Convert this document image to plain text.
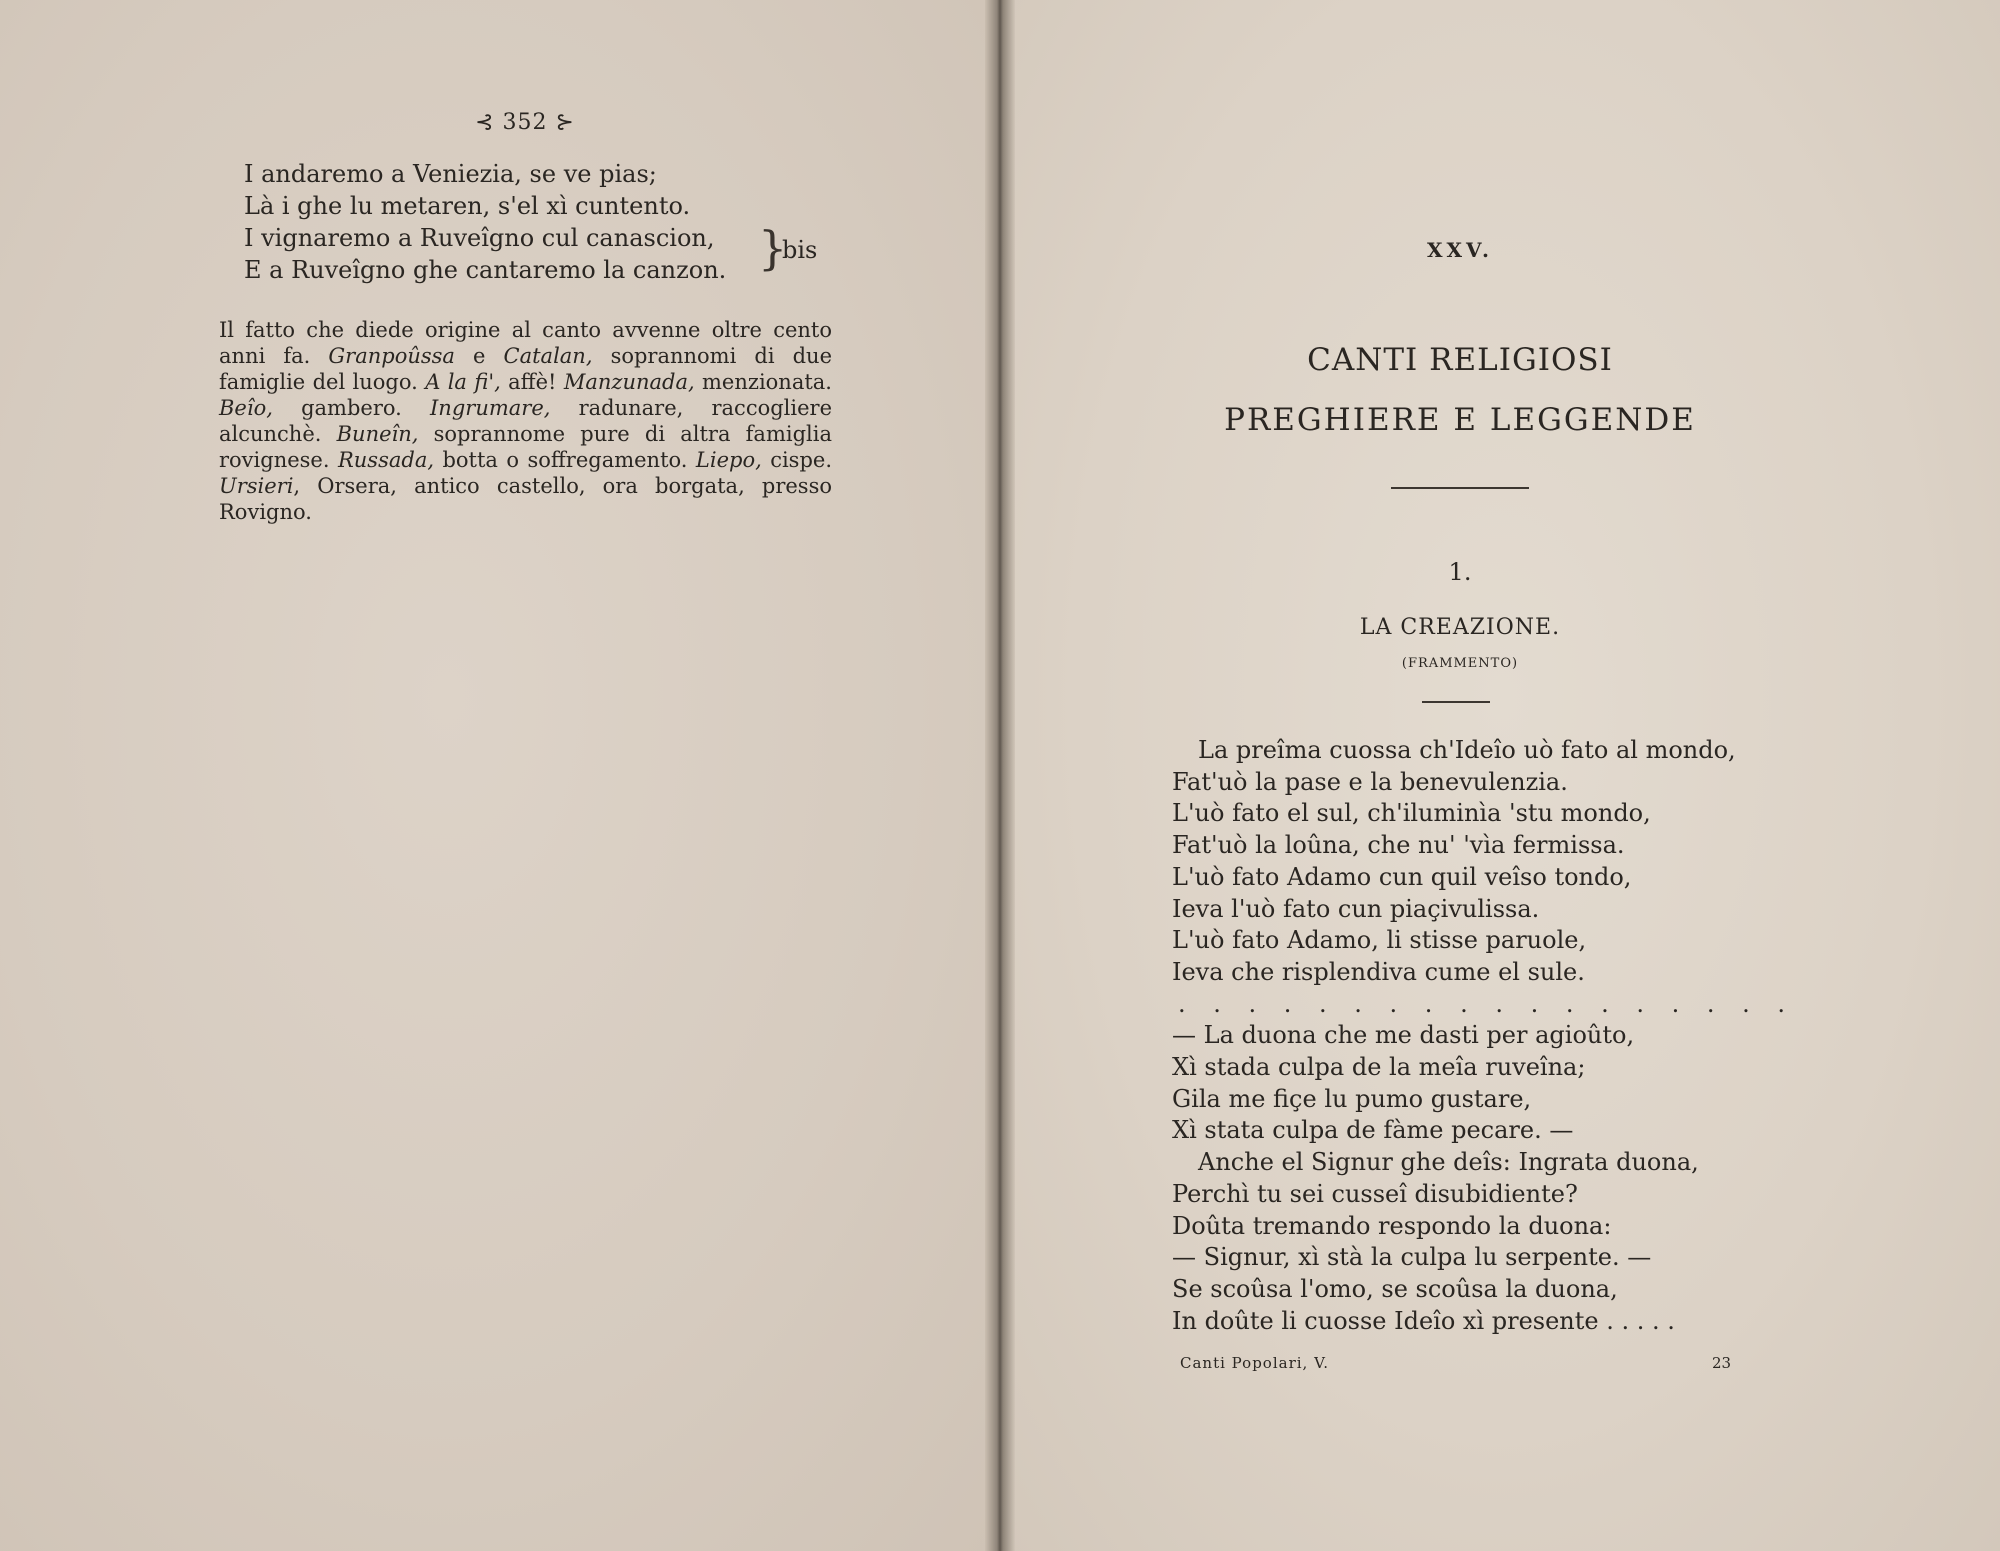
⊰ 352 ⊱
I andaremo a Veniezia, se ve pias;
Là i ghe lu metaren, s'el xì cuntento.
I vignaremo a Ruveîgno cul canascion,
E a Ruveîgno ghe cantaremo la canzon. }
bis
Il fatto che diede origine al canto avvenne oltre cento anni fa. Granpoûssa e Catalan, soprannomi di due famiglie del luogo. A la fi', affè! Manzunada, menzionata. Beîo, gambero. Ingrumare, radunare, raccogliere alcunchè. Buneîn, soprannome pure di altra famiglia rovignese. Russada, botta o soffregamento. Liepo, cispe. Ursieri, Orsera, antico castello, ora borgata, presso Rovigno.
XXV.
CANTI RELIGIOSI
PREGHIERE E LEGGENDE
1.
LA CREAZIONE.
(FRAMMENTO)
La preîma cuossa ch'Ideîo uò fato al mondo,
Fat'uò la pase e la benevulenzia.
L'uò fato el sul, ch'iluminìa 'stu mondo,
Fat'uò la loûna, che nu' 'vìa fermissa.
L'uò fato Adamo cun quil veîso tondo,
Ieva l'uò fato cun piaçivulissa.
L'uò fato Adamo, li stisse paruole,
Ieva che risplendiva cume el sule.
. . . . . . . . . . . . . . . . . .
— La duona che me dasti per agioûto,
Xì stada culpa de la meîa ruveîna;
Gila me fiçe lu pumo gustare,
Xì stata culpa de fàme pecare. —
Anche el Signur ghe deîs: Ingrata duona,
Perchì tu sei cusseî disubidiente?
Doûta tremando respondo la duona:
— Signur, xì stà la culpa lu serpente. —
Se scoûsa l'omo, se scoûsa la duona,
In doûte li cuosse Ideîo xì presente . . . . .
Canti Popolari, V.	23
